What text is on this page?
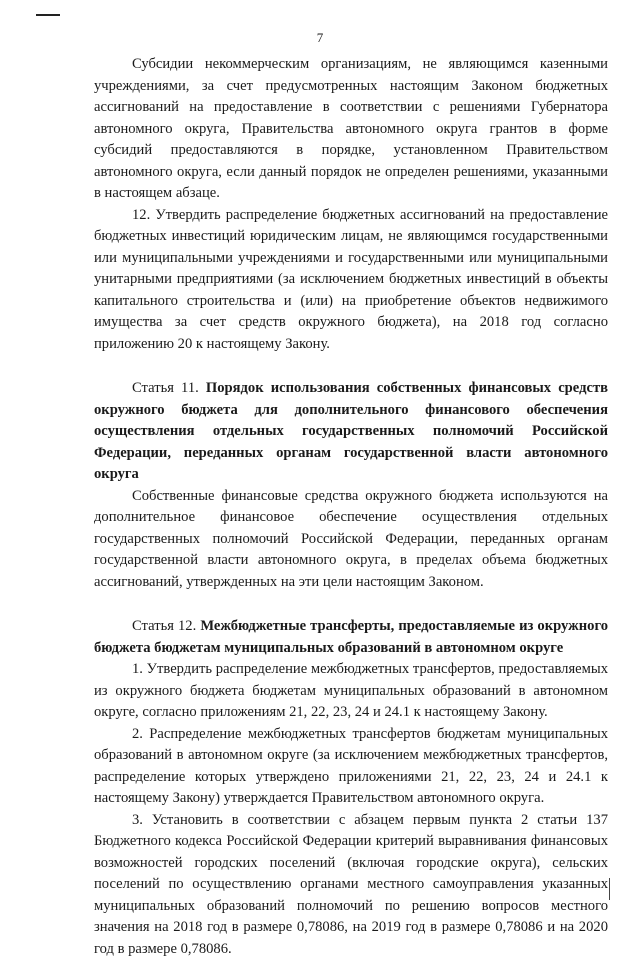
7

Субсидии некоммерческим организациям, не являющимся казенными учреждениями, за счет предусмотренных настоящим Законом бюджетных ассигнований на предоставление в соответствии с решениями Губернатора автономного округа, Правительства автономного округа грантов в форме субсидий предоставляются в порядке, установленном Правительством автономного округа, если данный порядок не определен решениями, указанными в настоящем абзаце.

12. Утвердить распределение бюджетных ассигнований на предоставление бюджетных инвестиций юридическим лицам, не являющимся государственными или муниципальными учреждениями и государственными или муниципальными унитарными предприятиями (за исключением бюджетных инвестиций в объекты капитального строительства и (или) на приобретение объектов недвижимого имущества за счет средств окружного бюджета), на 2018 год согласно приложению 20 к настоящему Закону.

Статья 11. Порядок использования собственных финансовых средств окружного бюджета для дополнительного финансового обеспечения осуществления отдельных государственных полномочий Российской Федерации, переданных органам государственной власти автономного округа

Собственные финансовые средства окружного бюджета используются на дополнительное финансовое обеспечение осуществления отдельных государственных полномочий Российской Федерации, переданных органам государственной власти автономного округа, в пределах объема бюджетных ассигнований, утвержденных на эти цели настоящим Законом.

Статья 12. Межбюджетные трансферты, предоставляемые из окружного бюджета бюджетам муниципальных образований в автономном округе

1. Утвердить распределение межбюджетных трансфертов, предоставляемых из окружного бюджета бюджетам муниципальных образований в автономном округе, согласно приложениям 21, 22, 23, 24 и 24.1 к настоящему Закону.

2. Распределение межбюджетных трансфертов бюджетам муниципальных образований в автономном округе (за исключением межбюджетных трансфертов, распределение которых утверждено приложениями 21, 22, 23, 24 и 24.1 к настоящему Закону) утверждается Правительством автономного округа.

3. Установить в соответствии с абзацем первым пункта 2 статьи 137 Бюджетного кодекса Российской Федерации критерий выравнивания финансовых возможностей городских поселений (включая городские округа), сельских поселений по осуществлению органами местного самоуправления указанных муниципальных образований полномочий по решению вопросов местного значения на 2018 год в размере 0,78086, на 2019 год в размере 0,78086 и на 2020 год в размере 0,78086.
